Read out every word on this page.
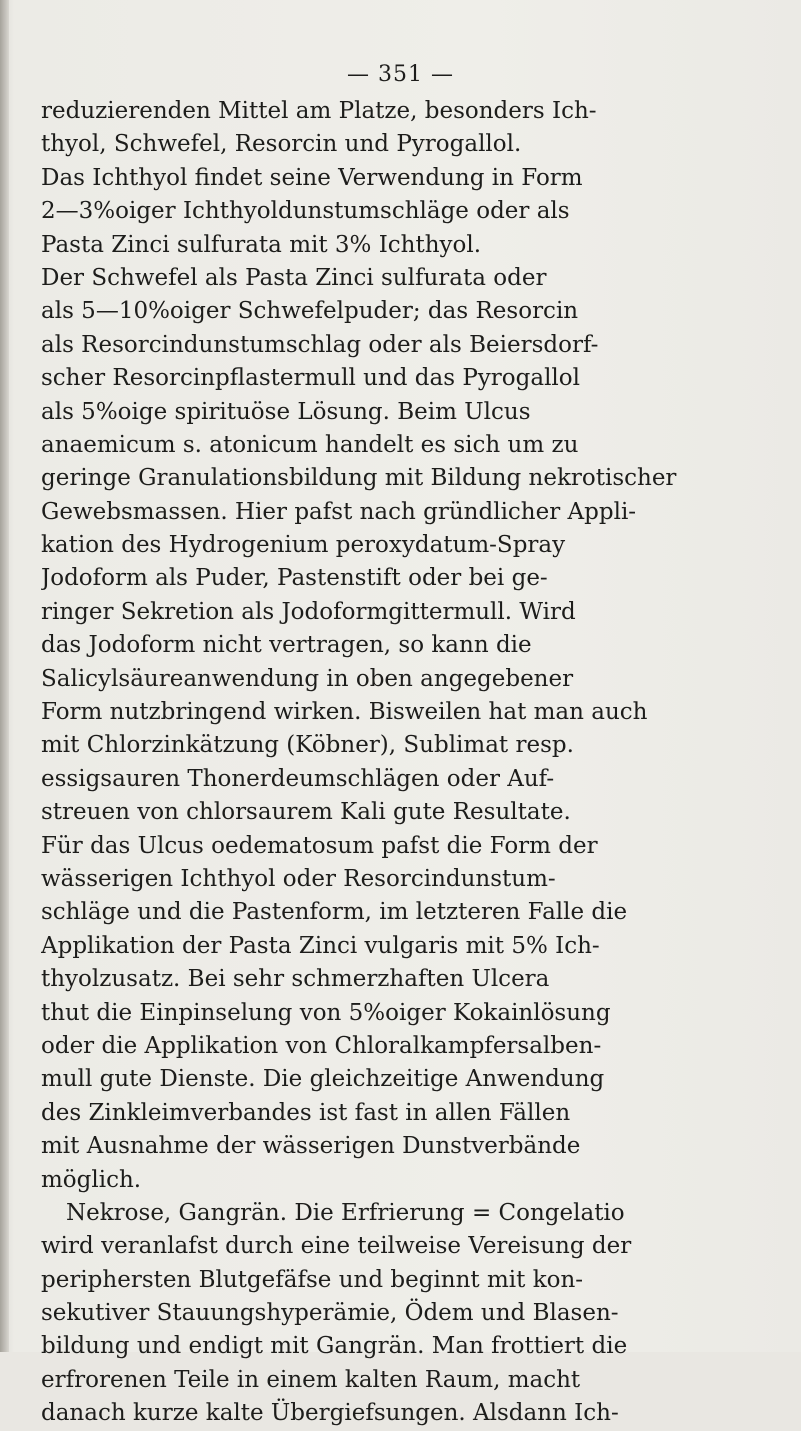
— 351 —
reduzierenden Mittel am Platze, besonders Ich-
thyol, Schwefel, Resorcin und Pyrogallol.
Das Ichthyol findet seine Verwendung in Form
2—3%oiger Ichthyoldunstumschläge oder als
Pasta Zinci sulfurata mit 3% Ichthyol.
Der Schwefel als Pasta Zinci sulfurata oder
als 5—10%oiger Schwefelpuder; das Resorcin
als Resorcindunstumschlag oder als Beiersdorf-
scher Resorcinpflastermull und das Pyrogallol
als 5%oige spirituöse Lösung. Beim Ulcus
anaemicum s. atonicum handelt es sich um zu
geringe Granulationsbildung mit Bildung nekrotischer
Gewebsmassen. Hier pafst nach gründlicher Appli-
kation des Hydrogenium peroxydatum-Spray
Jodoform als Puder, Pastenstift oder bei ge-
ringer Sekretion als Jodoformgittermull. Wird
das Jodoform nicht vertragen, so kann die
Salicylsäureanwendung in oben angegebener
Form nutzbringend wirken. Bisweilen hat man auch
mit Chlorzinkätzung (Köbner), Sublimat resp.
essigsauren Thonerdeumschlägen oder Auf-
streuen von chlorsaurem Kali gute Resultate.
Für das Ulcus oedematosum pafst die Form der
wässerigen Ichthyol oder Resorcindunstum-
schläge und die Pastenform, im letzteren Falle die
Applikation der Pasta Zinci vulgaris mit 5% Ich-
thyolzusatz. Bei sehr schmerzhaften Ulcera
thut die Einpinselung von 5%oiger Kokainlösung
oder die Applikation von Chloralkampfersalben-
mull gute Dienste. Die gleichzeitige Anwendung
des Zinkleimverbandes ist fast in allen Fällen
mit Ausnahme der wässerigen Dunstverbände
möglich.
Nekrose, Gangrän. Die Erfrierung = Congelatio
wird veranlafst durch eine teilweise Vereisung der
periphersten Blutgefäfse und beginnt mit kon-
sekutiver Stauungshyperämie, Ödem und Blasen-
bildung und endigt mit Gangrän. Man frottiert die
erfrorenen Teile in einem kalten Raum, macht
danach kurze kalte Übergiefsungen. Alsdann Ich-
